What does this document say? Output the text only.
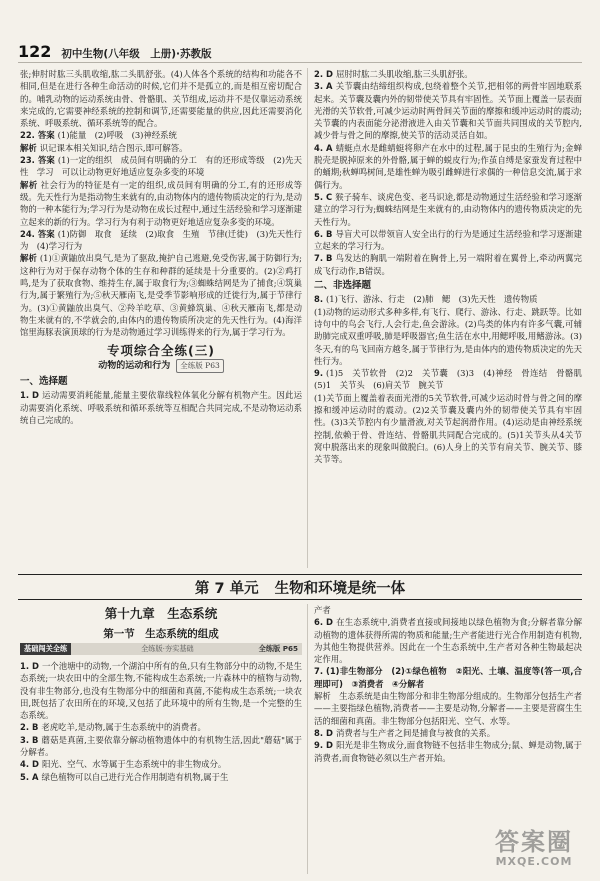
122 初中生物(八年级　上册)·苏教版

张;伸肘时肱三头肌收缩,肱二头肌舒张。(4)人体各个系统的结构和功能各不相同,但是在进行各种生命活动的时候,它们并不是孤立的,而是相互密切配合的。哺乳动物的运动系统由骨、骨骼肌、关节组成,运动并不是仅靠运动系统来完成的,它需要神经系统的控制和调节,还需要能量的供应,因此还需要消化系统、呼吸系统、循环系统等的配合。

22. 答案 (1)能量　(2)呼吸　(3)神经系统

解析 识记课本相关知识,结合图示,即可解答。

23. 答案 (1)一定的组织　成员间有明确的分工　有的还形成等级　(2)先天性　学习　可以让动物更好地适应复杂多变的环境

解析 社会行为的特征是有一定的组织,成员间有明确的分工,有的还形成等级。先天性行为是指动物生来就有的,由动物体内的遗传物质决定的行为,是动物的一种本能行为;学习行为是动物在成长过程中,通过生活经验和学习逐渐建立起来的新的行为。学习行为有利于动物更好地适应复杂多变的环境。

24. 答案 (1)防御　取食　延续　(2)取食　生殖　节律(迁徙)　(3)先天性行为　(4)学习行为

解析 (1)①黄鼬放出臭气,是为了驱敌,掩护自己逃避,免受伤害,属于防御行为;这种行为对于保存动物个体的生存和种群的延续是十分重要的。(2)②鸡打鸣,是为了获取食物、维持生存,属于取食行为;③蜘蛛结网是为了捕食;④筑巢行为,属于繁殖行为;⑤秋天雁南飞,是受季节影响形成的迁徙行为,属于节律行为。(3)①黄鼬放出臭气、②羚羊吃草、③黄蜂筑巢、④秋天雁南飞,都是动物生来就有的,不学就会的,由体内的遗传物质所决定的先天性行为。(4)海洋馆里海豚表演顶球的行为是动物通过学习训练得来的行为,属于学习行为。

专项综合全练(三)
动物的运动和行为	全练版 P63
一、选择题

1. D 运动需要消耗能量,能量主要依靠线粒体氧化分解有机物产生。因此运动需要消化系统、呼吸系统和循环系统等互相配合共同完成,不是动物运动系统自己完成的。

2. D 屈肘时肱二头肌收缩,肱三头肌舒张。

3. A 关节囊由结缔组织构成,包绕着整个关节,把相邻的两骨牢固地联系起来。关节囊及囊内外的韧带使关节具有牢固性。关节面上覆盖一层表面光滑的关节软骨,可减少运动时两骨间关节面的摩擦和缓冲运动时的震动;关节囊的内表面能分泌滑液进入由关节囊和关节面共同围成的关节腔内,减少骨与骨之间的摩擦,使关节的活动灵活自如。

4. A 蜻蜓点水是雌蜻蜓将卵产在水中的过程,属于昆虫的生殖行为;金蝉脱壳是脱掉原来的外骨骼,属于蝉的蜕皮行为;作茧自缚是家蚕发育过程中的蛹期;秋蝉鸣树间,是雄性蝉为吸引雌蝉进行求偶的一种信息交流,属于求偶行为。

5. C 猴子骑车、谈虎色变、老马识途,都是动物通过生活经验和学习逐渐建立的学习行为;蜘蛛结网是生来就有的,由动物体内的遗传物质决定的先天性行为。

6. B 导盲犬可以带领盲人安全出行的行为是通过生活经验和学习逐渐建立起来的学习行为。

7. B 鸟发达的胸肌一端附着在胸骨上,另一端附着在翼骨上,牵动两翼完成飞行动作,B错误。

二、非选择题

8. (1)飞行、游泳、行走　(2)肺　鳃　(3)先天性　遗传物质

(1)动物的运动形式多种多样,有飞行、爬行、游泳、行走、跳跃等。比如诗句中的鸟会飞行,人会行走,鱼会游泳。(2)鸟类的体内有许多气囊,可辅助肺完成双重呼吸,肺是呼吸器官;鱼生活在水中,用鳃呼吸,用鳍游泳。(3)冬天,有的鸟飞回南方越冬,属于节律行为,是由体内的遗传物质决定的先天性行为。

9. (1)5　关节软骨　(2)2　关节囊　(3)3　(4)神经　骨连结　骨骼肌　(5)1　关节头　(6)肩关节　腕关节

(1)关节面上覆盖着表面光滑的5关节软骨,可减少运动时骨与骨之间的摩擦和缓冲运动时的震动。(2)2关节囊及囊内外的韧带使关节具有牢固性。(3)3关节腔内有少量滑液,对关节起润滑作用。(4)运动是由神经系统控制,依赖于骨、骨连结、骨骼肌共同配合完成的。(5)1关节头从4关节窝中脱落出来的现象叫做脱臼。(6)人身上的关节有肩关节、腕关节、膝关节等。

第 7 单元 生物和环境是统一体
第十九章　生态系统
第一节　生态系统的组成
基础闯关全练	全练版·夯实基础	全练版 P65

1. D 一个池塘中的动物,一个湖泊中所有的鱼,只有生物部分中的动物,不是生态系统;一块农田中的全部生物,不能构成生态系统;一片森林中的植物与动物,没有非生物部分,也没有生物部分中的细菌和真菌,不能构成生态系统;一块农田,既包括了农田所在的环境,又包括了此环境中的所有生物,是一个完整的生态系统。

2. B 老虎吃羊,是动物,属于生态系统中的消费者。

3. B 蘑菇是真菌,主要依靠分解动植物遗体中的有机物生活,因此"蘑菇"属于分解者。

4. D 阳光、空气、水等属于生态系统中的非生物成分。

5. A 绿色植物可以自己进行光合作用制造有机物,属于生

产者

6. D 在生态系统中,消费者直接或间接地以绿色植物为食;分解者靠分解动植物的遗体获得所需的物质和能量;生产者能进行光合作用制造有机物,为其他生物提供营养。因此在一个生态系统中,生产者对各种生物最起决定作用。

7. (1)非生物部分　(2)①绿色植物　②阳光、土壤、温度等(答一项,合理即可)　③消费者　④分解者

解析　生态系统是由生物部分和非生物部分组成的。生物部分包括生产者——主要指绿色植物,消费者——主要是动物,分解者——主要是营腐生生活的细菌和真菌。非生物部分包括阳光、空气、水等。

8. D 消费者与生产者之间是捕食与被食的关系。

9. D 阳光是非生物成分,面食物链不包括非生物成分;鼠、蝉是动物,属于消费者,而食物链必须以生产者开始。

答案圈
MXQE.COM
